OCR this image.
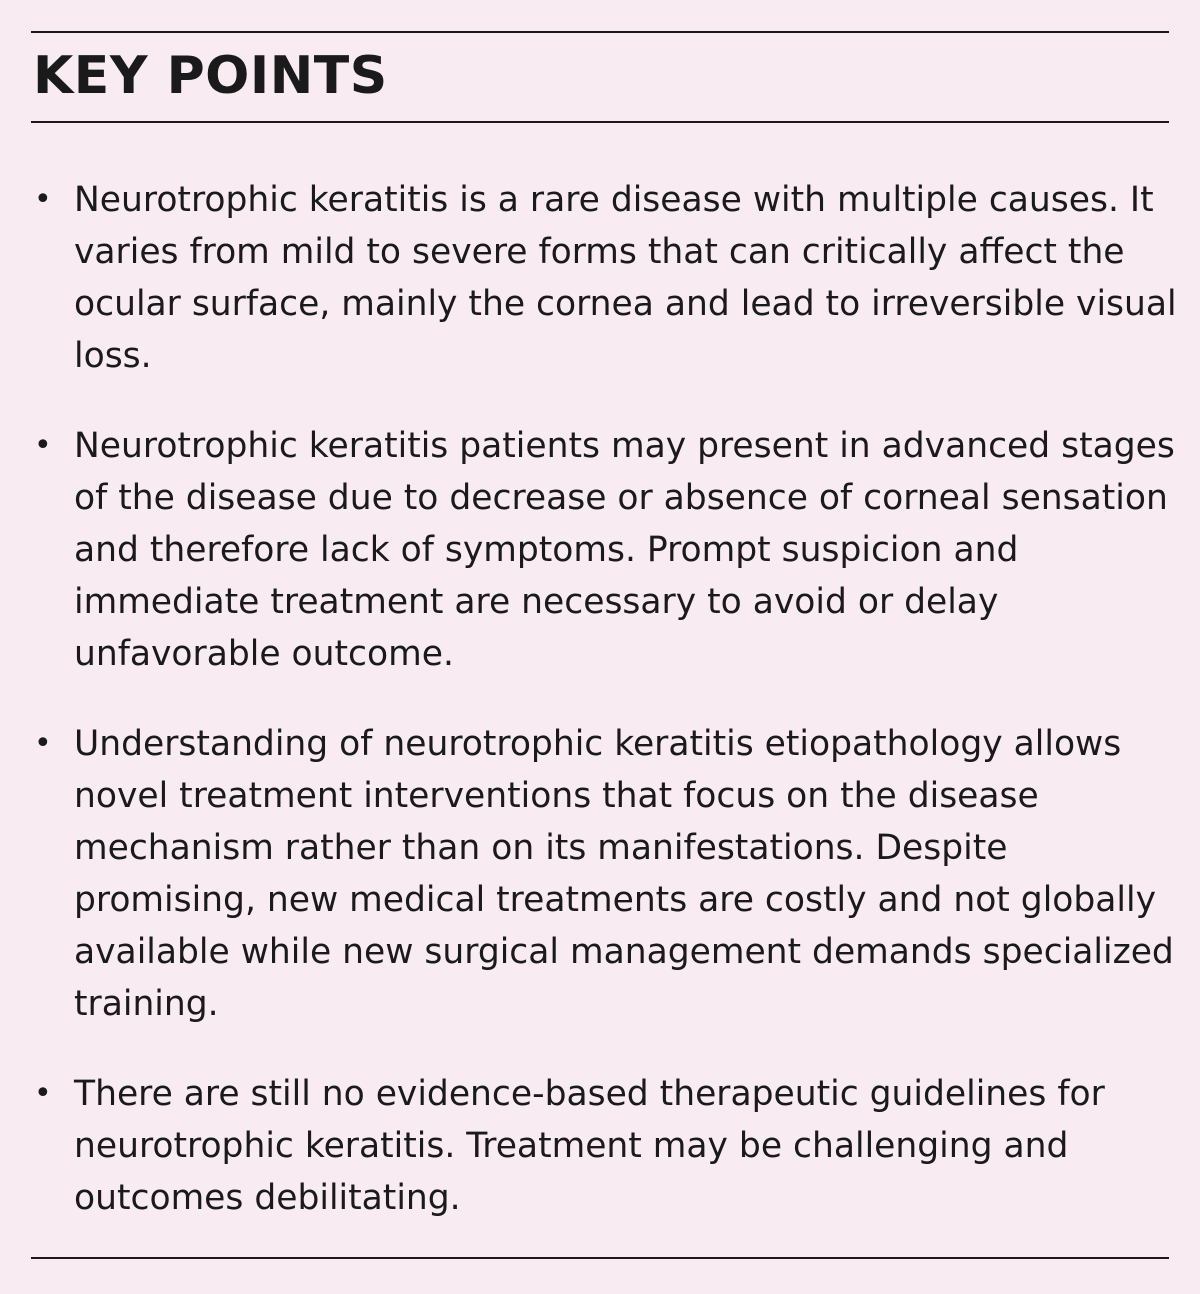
KEY POINTS
• Neurotrophic keratitis is a rare disease with multiple causes. It varies from mild to severe forms that can critically affect the ocular surface, mainly the cornea and lead to irreversible visual loss.
• Neurotrophic keratitis patients may present in advanced stages of the disease due to decrease or absence of corneal sensation and therefore lack of symptoms. Prompt suspicion and immediate treatment are necessary to avoid or delay unfavorable outcome.
• Understanding of neurotrophic keratitis etiopathology allows novel treatment interventions that focus on the disease mechanism rather than on its manifestations. Despite promising, new medical treatments are costly and not globally available while new surgical management demands specialized training.
• There are still no evidence-based therapeutic guidelines for neurotrophic keratitis. Treatment may be challenging and outcomes debilitating.
